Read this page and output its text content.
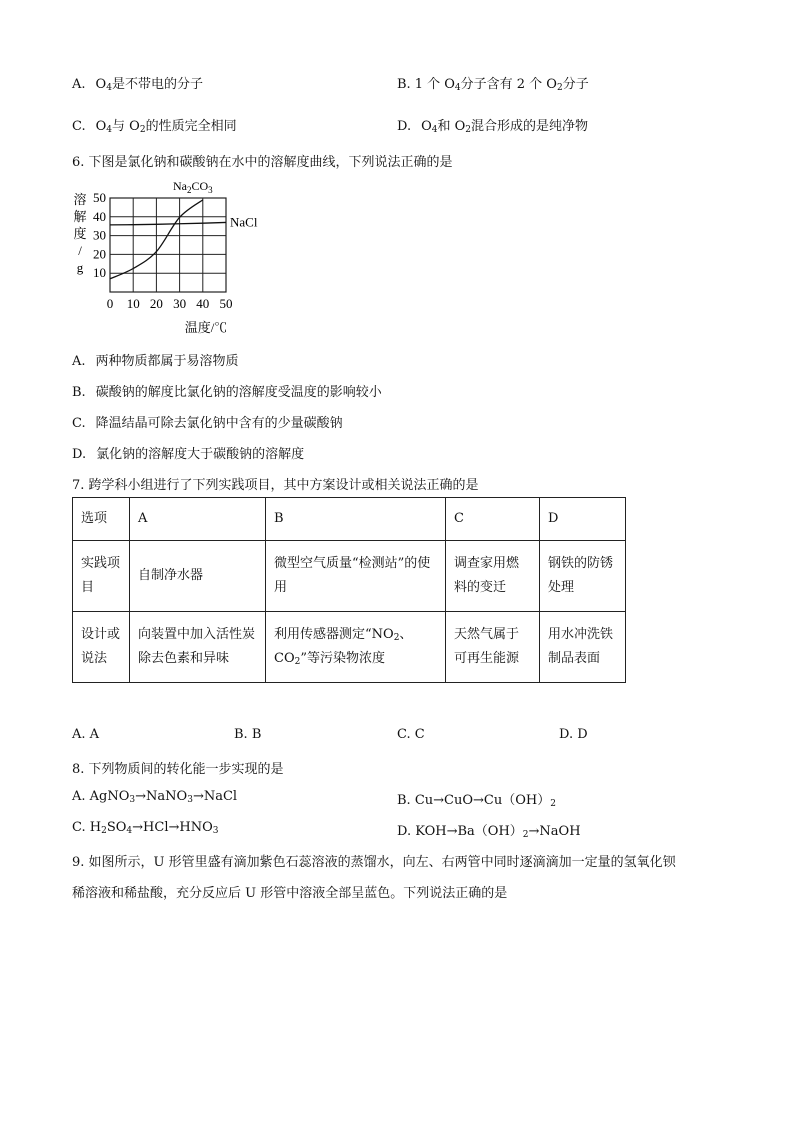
A. $O_4$是不带电的分子	B. 1 个 $O_4$分子含有 2 个 $O_2$分子
C. $O_4$与 $O_2$的性质完全相同	D. $O_4$和 $O_2$混合形成的是纯净物
6. 下图是氯化钠和碳酸钠在水中的溶解度曲线，下列说法正确的是
溶
解
度
/
g
0 10 20 30 40 50
10
20
30
40
50
$Na_2CO_3$
NaCl
温度/℃
A. 两种物质都属于易溶物质
B. 碳酸钠的解度比氯化钠的溶解度受温度的影响较小
C. 降温结晶可除去氯化钠中含有的少量碳酸钠
D. 氯化钠的溶解度大于碳酸钠的溶解度
7. 跨学科小组进行了下列实践项目，其中方案设计或相关说法正确的是
选项	A	B	C	D
实践项目	自制净水器	微型空气质量“检测站”的使用	调查家用燃料的变迁	钢铁的防锈处理
设计或说法	向装置中加入活性炭除去色素和异味	利用传感器测定“$NO_2$、$CO_2$”等污染物浓度	天然气属于可再生能源	用水冲洗铁制品表面
A. A	B. B	C. C	D. D
8. 下列物质间的转化能一步实现的是
A. AgNO$_3$→NaNO$_3$→NaCl	B. $Cu\to CuO\to Cu(OH)_2$
C. $H_2SO_4\to HCl\to HNO_3$	D. $KOH\to Ba(OH)_2\to NaOH$
9. 如图所示，U 形管里盛有滴加紫色石蕊溶液的蒸馏水，向左、右两管中同时逐滴滴加一定量的氢氧化钡
稀溶液和稀盐酸，充分反应后 U 形管中溶液全部呈蓝色。下列说法正确的是
